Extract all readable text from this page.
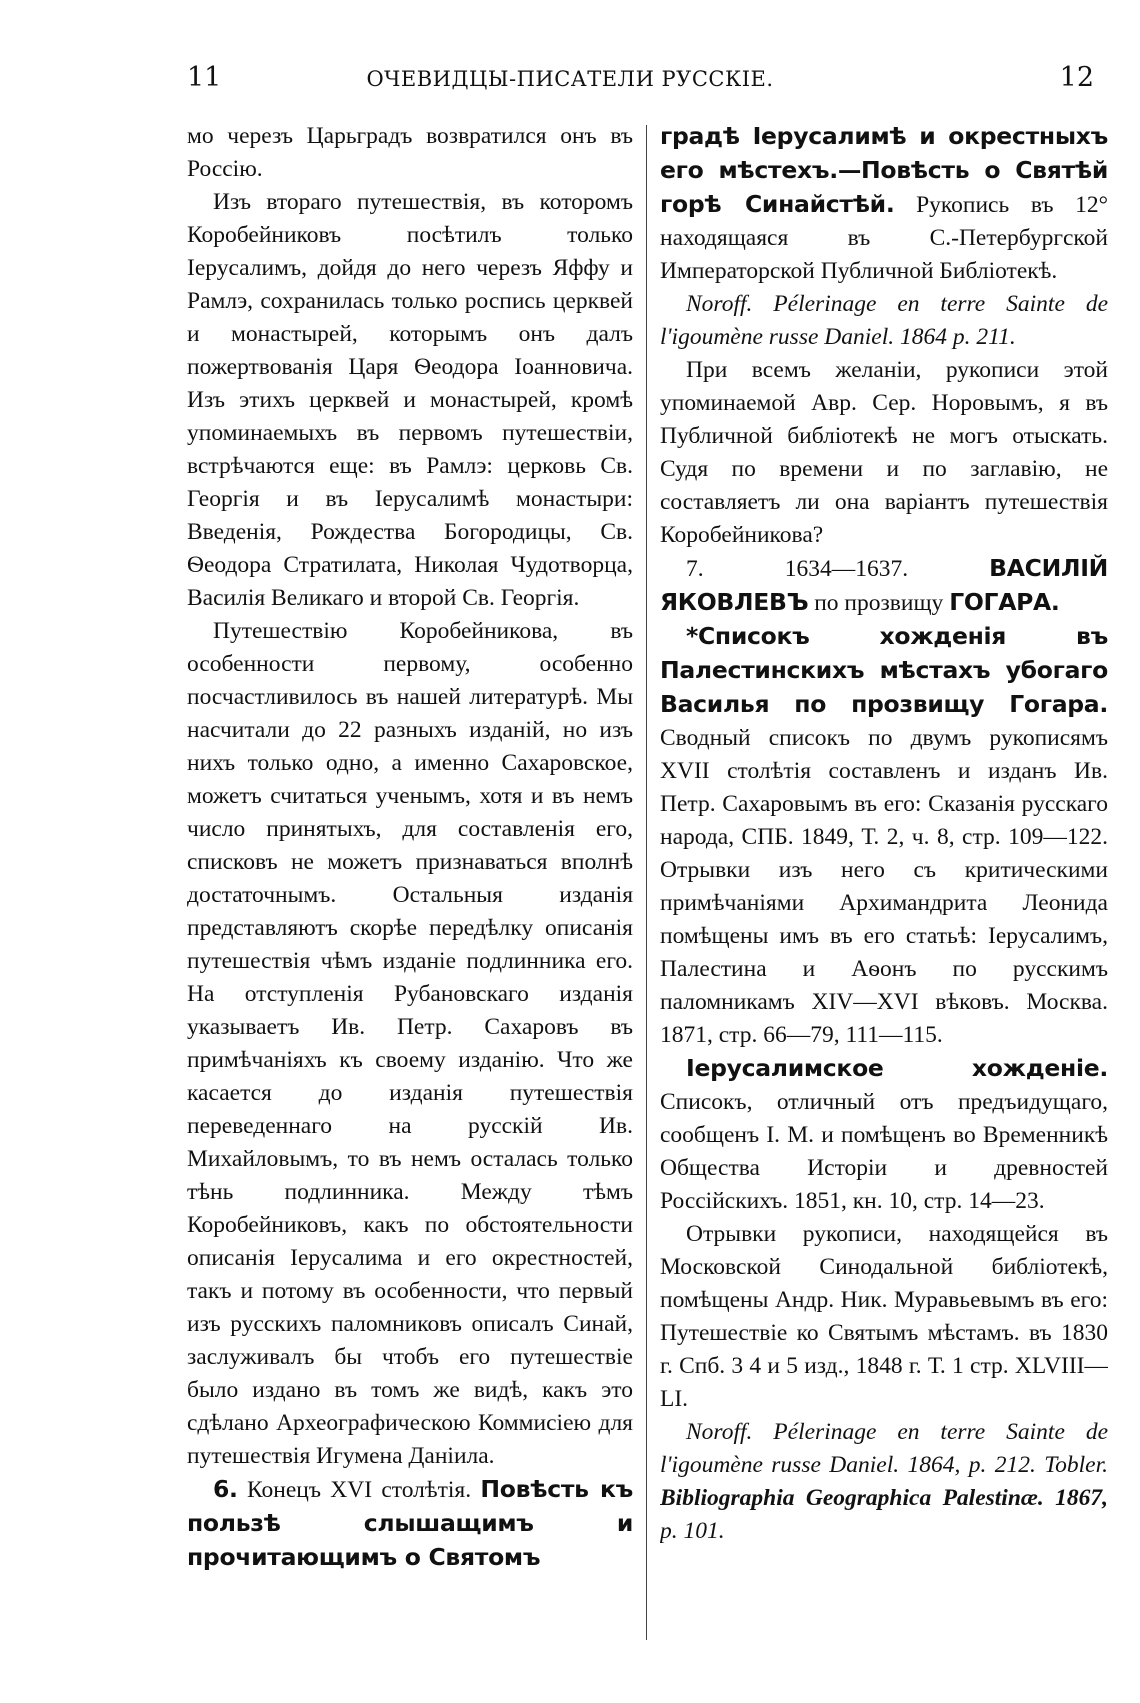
11	ОЧЕВИДЦЫ-ПИСАТЕЛИ РУССКIЕ.	12

мо черезъ Царьградъ возвратился онъ въ Россію.

Изъ втораго путешествія, въ которомъ Коробейниковъ посѣтилъ только Іерусалимъ, дойдя до него черезъ Яффу и Рамлэ, сохранилась только роспись церквей и монастырей, которымъ онъ далъ пожертвованія Царя Ѳеодора Іоанновича. Изъ этихъ церквей и монастырей, кромѣ упоминаемыхъ въ первомъ путешествіи, встрѣчаются еще: въ Рамлэ: церковь Св. Георгія и въ Іерусалимѣ монастыри: Введенія, Рождества Богородицы, Св. Ѳеодора Стратилата, Николая Чудотворца, Василія Великаго и второй Св. Георгія.

Путешествію Коробейникова, въ особенности первому, особенно посчастливилось въ нашей литературѣ. Мы насчитали до 22 разныхъ изданій, но изъ нихъ только одно, а именно Сахаровское, можетъ считаться ученымъ, хотя и въ немъ число принятыхъ, для составленія его, списковъ не можетъ признаваться вполнѣ достаточнымъ. Остальныя изданія представляютъ скорѣе передѣлку описанія путешествія чѣмъ изданіе подлинника его. На отступленія Рубановскаго изданія указываетъ Ив. Петр. Сахаровъ въ примѣчаніяхъ къ своему изданію. Что же касается до изданія путешествія переведеннаго на русскій Ив. Михайловымъ, то въ немъ осталась только тѣнь подлинника. Между тѣмъ Коробейниковъ, какъ по обстоятельности описанія Іерусалима и его окрестностей, такъ и потому въ особенности, что первый изъ русскихъ паломниковъ описалъ Синай, заслуживалъ бы чтобъ его путешествіе было издано въ томъ же видѣ, какъ это сдѣлано Археографическою Коммисіею для путешествія Игумена Даніила.

6. Конецъ XVI столѣтія. Повѣсть къ пользѣ слышащимъ и прочитающимъ о Святомъ

градѣ Іерусалимѣ и окрестныхъ его мѣстехъ.—Повѣсть о Святѣй горѣ Синайстѣй. Рукопись въ 12° находящаяся въ С.-Петербургской Императорской Публичной Библіотекѣ.

Noroff. Pélerinage en terre Sainte de l'igoumène russe Daniel. 1864 p. 211.

При всемъ желаніи, рукописи этой упоминаемой Авр. Сер. Норовымъ, я въ Публичной библіотекѣ не могъ отыскать. Судя по времени и по заглавію, не составляетъ ли она варіантъ путешествія Коробейникова?

7.	1634—1637.	ВАСИЛІЙ ЯКОВЛЕВЪ по прозвищу ГОГАРА.

*Списокъ хожденія въ Палестинскихъ мѣстахъ убогаго Василья по прозвищу Гогара. Сводный списокъ по двумъ рукописямъ XVII столѣтія составленъ и изданъ Ив. Петр. Сахаровымъ въ его: Сказанія русскаго народа, СПБ. 1849, Т. 2, ч. 8, стр. 109—122. Отрывки изъ него съ критическими примѣчаніями Архимандрита Леонида помѣщены имъ въ его статьѣ: Іерусалимъ, Палестина и Аѳонъ по русскимъ паломникамъ XIV—XVI вѣковъ. Москва. 1871, стр. 66—79, 111—115.

Іерусалимское хожденіе. Списокъ, отличный отъ предъидущаго, сообщенъ І. М. и помѣщенъ во Временникѣ Общества Исторіи и древностей Россійскихъ. 1851, кн. 10, стр. 14—23.

Отрывки рукописи, находящейся въ Московской Синодальной библіотекѣ, помѣщены Андр. Ник. Муравьевымъ въ его: Путешествіе ко Святымъ мѣстамъ. въ 1830 г. Спб. 3 4 и 5 изд., 1848 г. Т. 1 стр. XLVIII—LI.

Noroff. Pélerinage en terre Sainte de l'igoumène russe Daniel. 1864, p. 212. Tobler. Bibliographia Geographica Palestinæ. 1867, p. 101.
